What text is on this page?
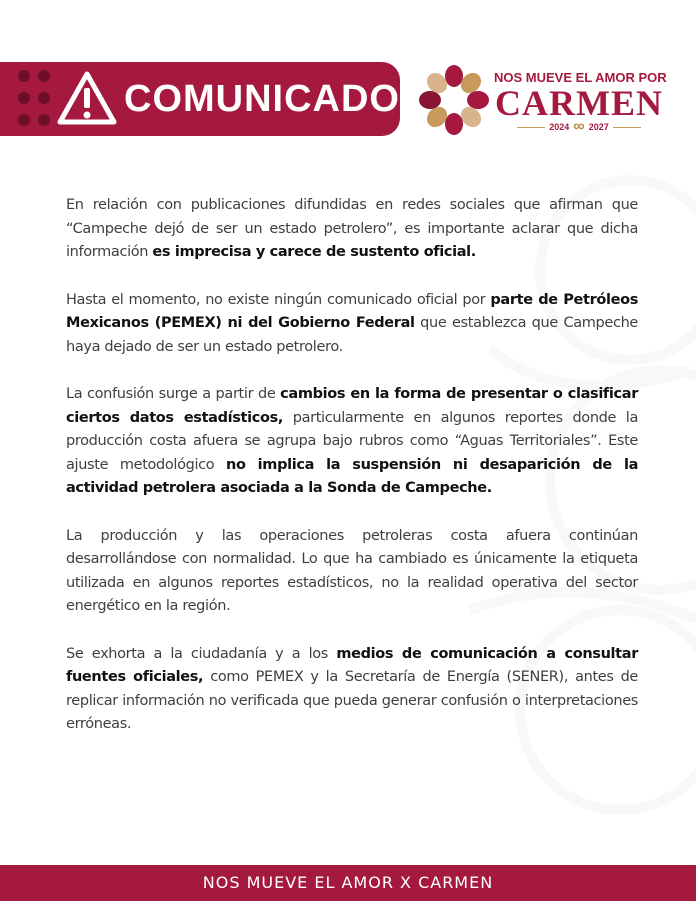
COMUNICADO
NOS MUEVE EL AMOR POR
CARMEN
2024 ∞ 2027

En relación con publicaciones difundidas en redes sociales que afirman que “Campeche dejó de ser un estado petrolero”, es importante aclarar que dicha información es imprecisa y carece de sustento oficial.

Hasta el momento, no existe ningún comunicado oficial por parte de Petróleos Mexicanos (PEMEX) ni del Gobierno Federal que establezca que Campeche haya dejado de ser un estado petrolero.

La confusión surge a partir de cambios en la forma de presentar o clasificar ciertos datos estadísticos, particularmente en algunos reportes donde la producción costa afuera se agrupa bajo rubros como “Aguas Territoriales”. Este ajuste metodológico no implica la suspensión ni desaparición de la actividad petrolera asociada a la Sonda de Campeche.

La producción y las operaciones petroleras costa afuera continúan desarrollándose con normalidad. Lo que ha cambiado es únicamente la etiqueta utilizada en algunos reportes estadísticos, no la realidad operativa del sector energético en la región.

Se exhorta a la ciudadanía y a los medios de comunicación a consultar fuentes oficiales, como PEMEX y la Secretaría de Energía (SENER), antes de replicar información no verificada que pueda generar confusión o interpretaciones erróneas.

NOS MUEVE EL AMOR X CARMEN
